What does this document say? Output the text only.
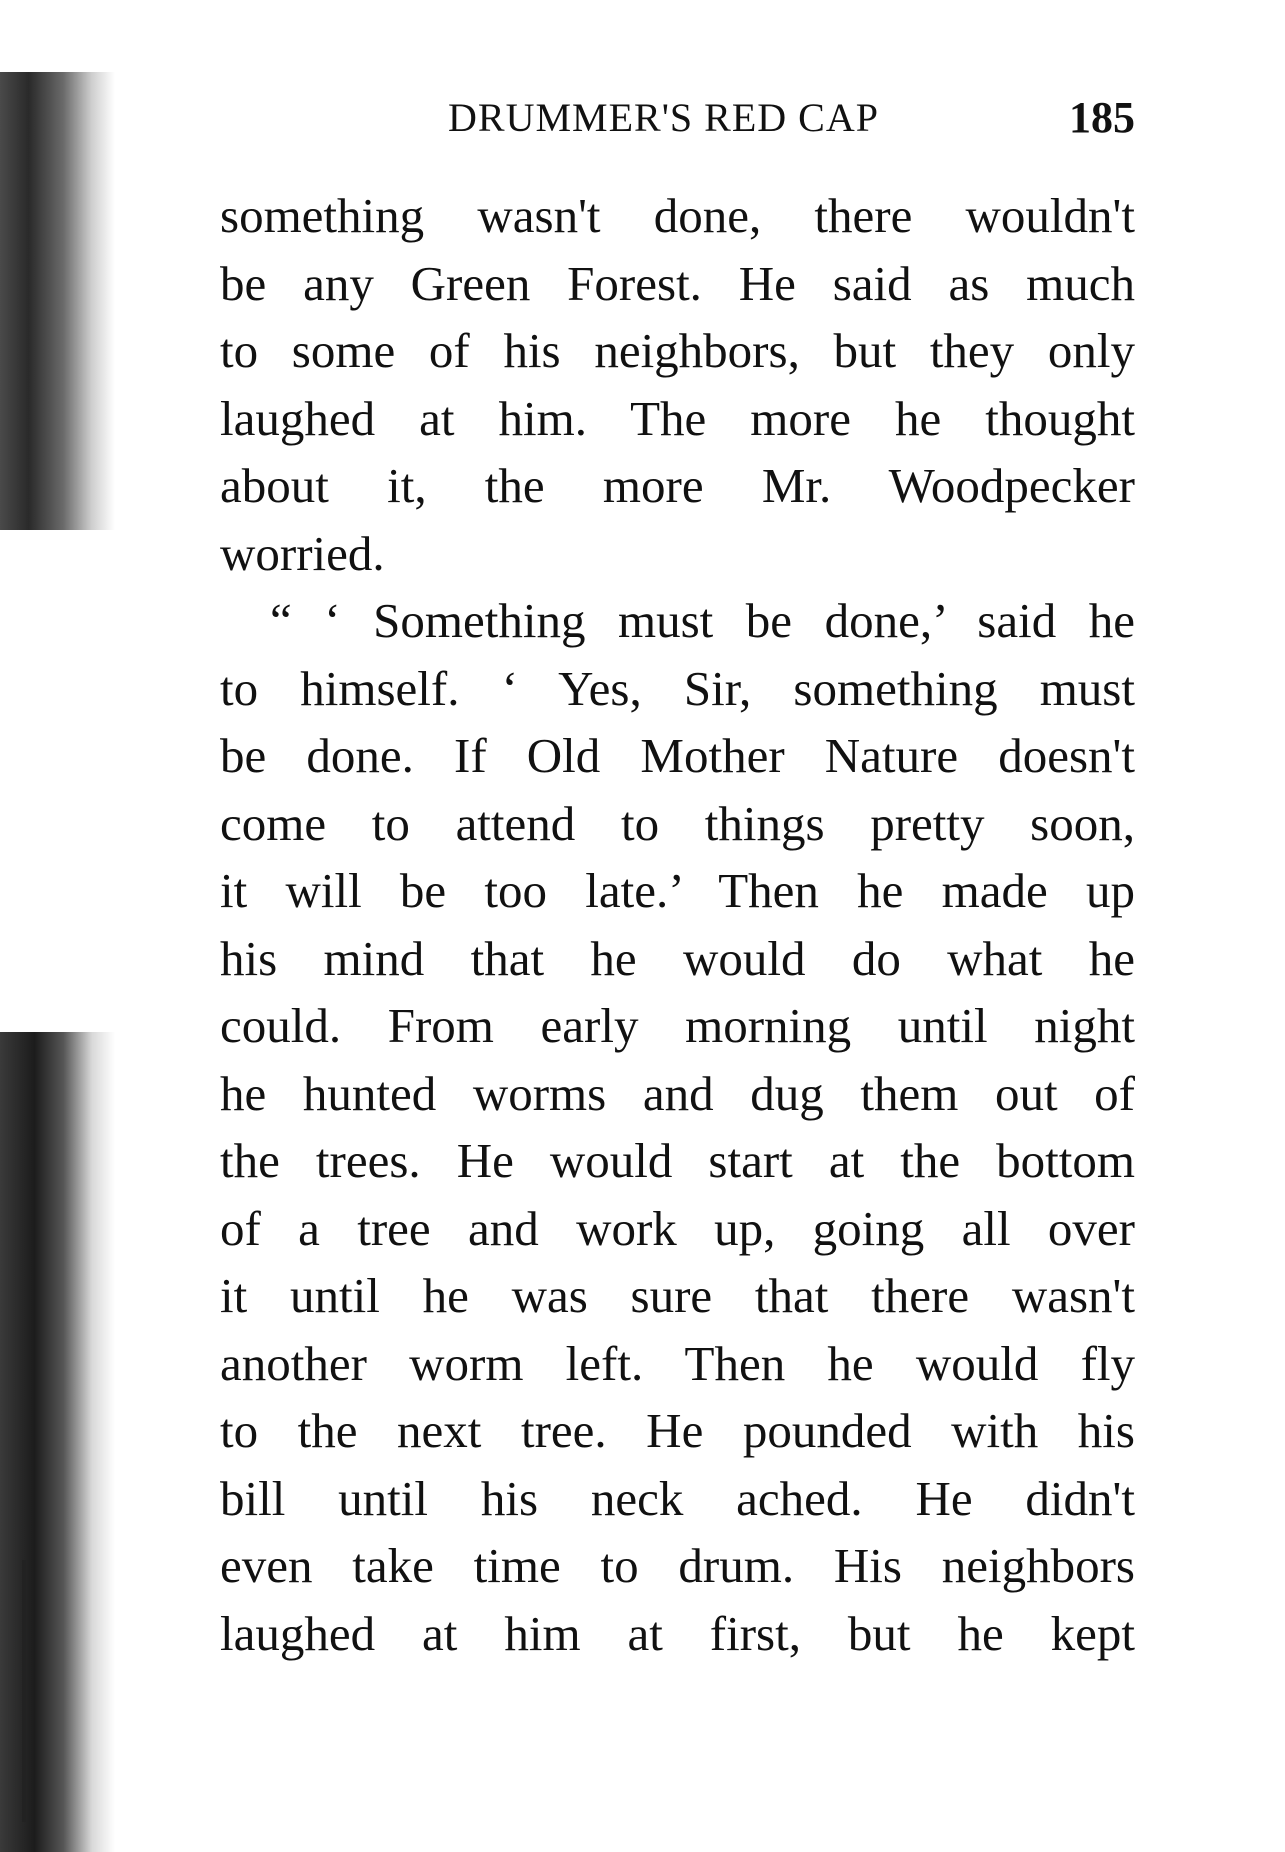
DRUMMER'S RED CAP	185
something wasn't done, there wouldn't
be any Green Forest. He said as much
to some of his neighbors, but they only
laughed at him. The more he thought
about it, the more Mr. Woodpecker
worried.
“ ‘ Something must be done,’ said he
to himself. ‘ Yes, Sir, something must
be done. If Old Mother Nature doesn't
come to attend to things pretty soon,
it will be too late.’ Then he made up
his mind that he would do what he
could. From early morning until night
he hunted worms and dug them out of
the trees. He would start at the bottom
of a tree and work up, going all over
it until he was sure that there wasn't
another worm left. Then he would fly
to the next tree. He pounded with his
bill until his neck ached. He didn't
even take time to drum. His neighbors
laughed at him at first, but he kept
